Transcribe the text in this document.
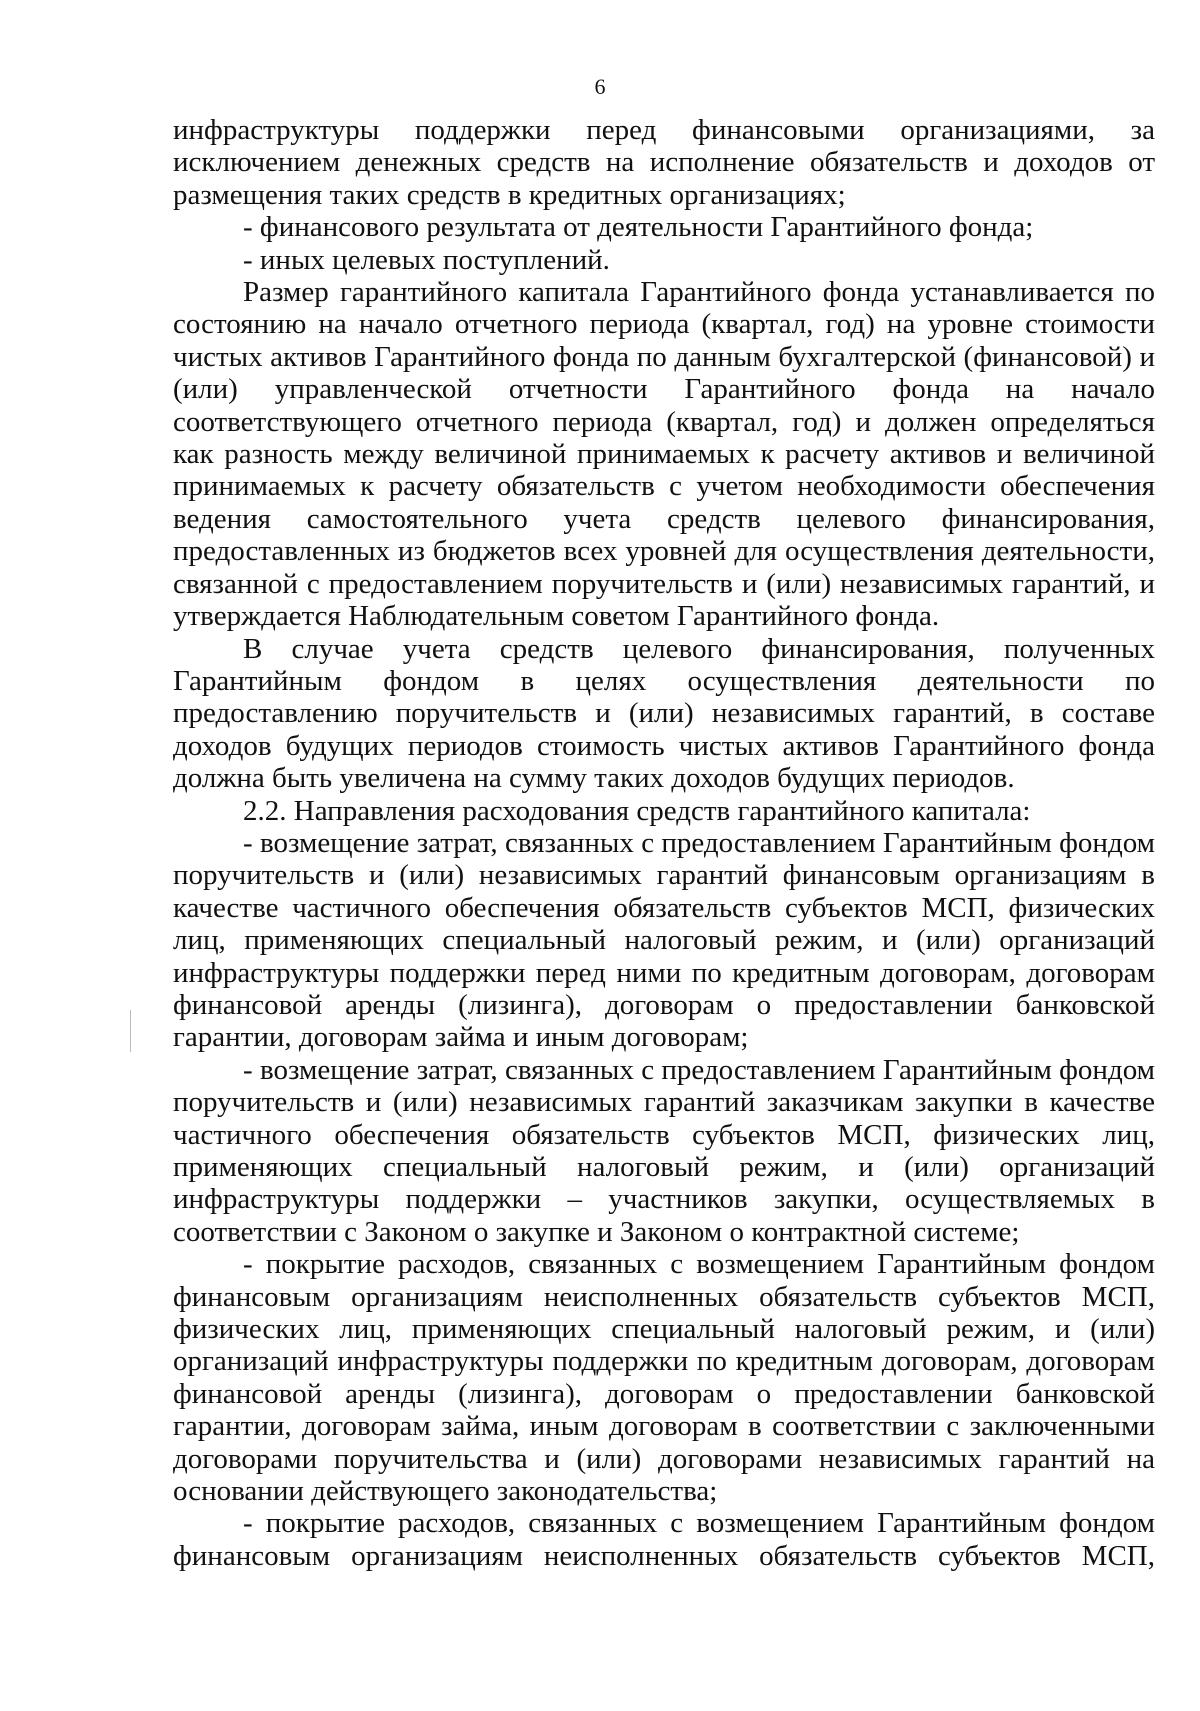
6

инфраструктуры поддержки перед финансовыми организациями, за исключением денежных средств на исполнение обязательств и доходов от размещения таких средств в кредитных организациях;

- финансового результата от деятельности Гарантийного фонда;

- иных целевых поступлений.

Размер гарантийного капитала Гарантийного фонда устанавливается по состоянию на начало отчетного периода (квартал, год) на уровне стоимости чистых активов Гарантийного фонда по данным бухгалтерской (финансовой) и (или) управленческой отчетности Гарантийного фонда на начало соответствующего отчетного периода (квартал, год) и должен определяться как разность между величиной принимаемых к расчету активов и величиной принимаемых к расчету обязательств с учетом необходимости обеспечения ведения самостоятельного учета средств целевого финансирования, предоставленных из бюджетов всех уровней для осуществления деятельности, связанной с предоставлением поручительств и (или) независимых гарантий, и утверждается Наблюдательным советом Гарантийного фонда.

В случае учета средств целевого финансирования, полученных Гарантийным фондом в целях осуществления деятельности по предоставлению поручительств и (или) независимых гарантий, в составе доходов будущих периодов стоимость чистых активов Гарантийного фонда должна быть увеличена на сумму таких доходов будущих периодов.

2.2. Направления расходования средств гарантийного капитала:

- возмещение затрат, связанных с предоставлением Гарантийным фондом поручительств и (или) независимых гарантий финансовым организациям в качестве частичного обеспечения обязательств субъектов МСП, физических лиц, применяющих специальный налоговый режим, и (или) организаций инфраструктуры поддержки перед ними по кредитным договорам, договорам финансовой аренды (лизинга), договорам о предоставлении банковской гарантии, договорам займа и иным договорам;

- возмещение затрат, связанных с предоставлением Гарантийным фондом поручительств и (или) независимых гарантий заказчикам закупки в качестве частичного обеспечения обязательств субъектов МСП, физических лиц, применяющих специальный налоговый режим, и (или) организаций инфраструктуры поддержки – участников закупки, осуществляемых в соответствии с Законом о закупке и Законом о контрактной системе;

- покрытие расходов, связанных с возмещением Гарантийным фондом финансовым организациям неисполненных обязательств субъектов МСП, физических лиц, применяющих специальный налоговый режим, и (или) организаций инфраструктуры поддержки по кредитным договорам, договорам финансовой аренды (лизинга), договорам о предоставлении банковской гарантии, договорам займа, иным договорам в соответствии с заключенными договорами поручительства и (или) договорами независимых гарантий на основании действующего законодательства;

- покрытие расходов, связанных с возмещением Гарантийным фондом финансовым организациям неисполненных обязательств субъектов МСП,
